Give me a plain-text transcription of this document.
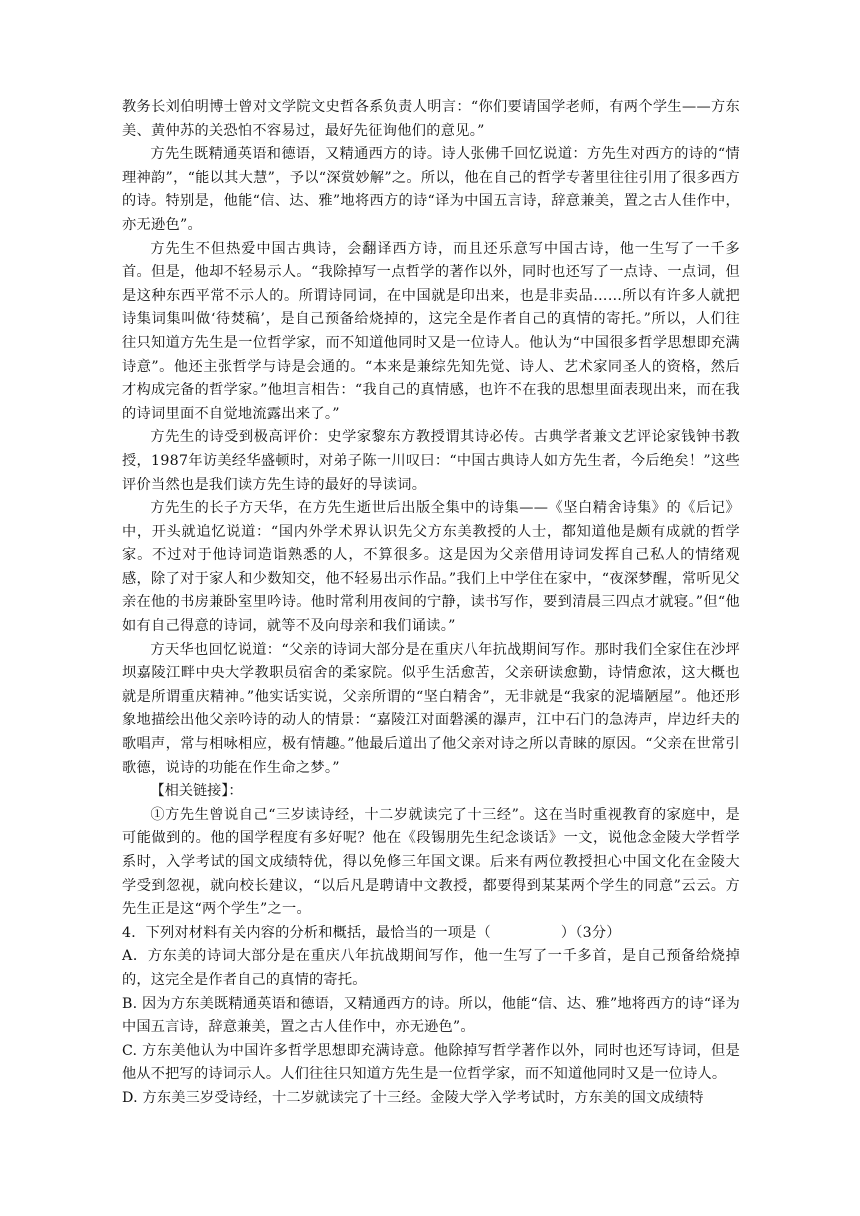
教务长刘伯明博士曾对文学院文史哲各系负责人明言：“你们要请国学老师，有两个学生——方东美、黄仲苏的关恐怕不容易过，最好先征询他们的意见。”

方先生既精通英语和德语，又精通西方的诗。诗人张佛千回忆说道：方先生对西方的诗的“情理神韵”，“能以其大慧”，予以“深赏妙解”之。所以，他在自己的哲学专著里往往引用了很多西方的诗。特别是，他能“信、达、雅”地将西方的诗“译为中国五言诗，辞意兼美，置之古人佳作中，亦无逊色”。

方先生不但热爱中国古典诗，会翻译西方诗，而且还乐意写中国古诗，他一生写了一千多首。但是，他却不轻易示人。“我除掉写一点哲学的著作以外，同时也还写了一点诗、一点词，但是这种东西平常不示人的。所谓诗同词，在中国就是印出来，也是非卖品……所以有许多人就把诗集词集叫做‘待焚稿’，是自己预备给烧掉的，这完全是作者自己的真情的寄托。”所以，人们往往只知道方先生是一位哲学家，而不知道他同时又是一位诗人。他认为“中国很多哲学思想即充满诗意”。他还主张哲学与诗是会通的。“本来是兼综先知先觉、诗人、艺术家同圣人的资格，然后才构成完备的哲学家。”他坦言相告：“我自己的真情感，也许不在我的思想里面表现出来，而在我的诗词里面不自觉地流露出来了。”

方先生的诗受到极高评价：史学家黎东方教授谓其诗必传。古典学者兼文艺评论家钱钟书教授，1987年访美经华盛顿时，对弟子陈一川叹曰：“中国古典诗人如方先生者，今后绝矣！”这些评价当然也是我们读方先生诗的最好的导读词。

方先生的长子方天华，在方先生逝世后出版全集中的诗集——《坚白精舍诗集》的《后记》中，开头就追忆说道：“国内外学术界认识先父方东美教授的人士，都知道他是颇有成就的哲学家。不过对于他诗词造诣熟悉的人，不算很多。这是因为父亲借用诗词发挥自己私人的情绪观感，除了对于家人和少数知交，他不轻易出示作品。”我们上中学住在家中，“夜深梦醒，常听见父亲在他的书房兼卧室里吟诗。他时常利用夜间的宁静，读书写作，要到清晨三四点才就寝。”但“他如有自己得意的诗词，就等不及向母亲和我们诵读。”

方天华也回忆说道：“父亲的诗词大部分是在重庆八年抗战期间写作。那时我们全家住在沙坪坝嘉陵江畔中央大学教职员宿舍的柔家院。似乎生活愈苦，父亲研读愈勤，诗情愈浓，这大概也就是所谓重庆精神。”他实话实说，父亲所谓的“坚白精舍”，无非就是“我家的泥墙陋屋”。他还形象地描绘出他父亲吟诗的动人的情景：“嘉陵江对面磐溪的瀑声，江中石门的急涛声，岸边纤夫的歌唱声，常与相咏相应，极有情趣。”他最后道出了他父亲对诗之所以青睐的原因。“父亲在世常引歌德，说诗的功能在作生命之梦。”

【相关链接】：

①方先生曾说自己“三岁读诗经，十二岁就读完了十三经”。这在当时重视教育的家庭中，是可能做到的。他的国学程度有多好呢？他在《段锡朋先生纪念谈话》一文，说他念金陵大学哲学系时，入学考试的国文成绩特优，得以免修三年国文课。后来有两位教授担心中国文化在金陵大学受到忽视，就向校长建议，“以后凡是聘请中文教授，都要得到某某两个学生的同意”云云。方先生正是这“两个学生”之一。

4．下列对材料有关内容的分析和概括，最恰当的一项是（	）（3分）

A．方东美的诗词大部分是在重庆八年抗战期间写作，他一生写了一千多首，是自己预备给烧掉的，这完全是作者自己的真情的寄托。

B. 因为方东美既精通英语和德语，又精通西方的诗。所以，他能“信、达、雅”地将西方的诗“译为中国五言诗，辞意兼美，置之古人佳作中，亦无逊色”。

C. 方东美他认为中国许多哲学思想即充满诗意。他除掉写哲学著作以外，同时也还写诗词，但是他从不把写的诗词示人。人们往往只知道方先生是一位哲学家，而不知道他同时又是一位诗人。

D. 方东美三岁受诗经，十二岁就读完了十三经。金陵大学入学考试时，方东美的国文成绩特
